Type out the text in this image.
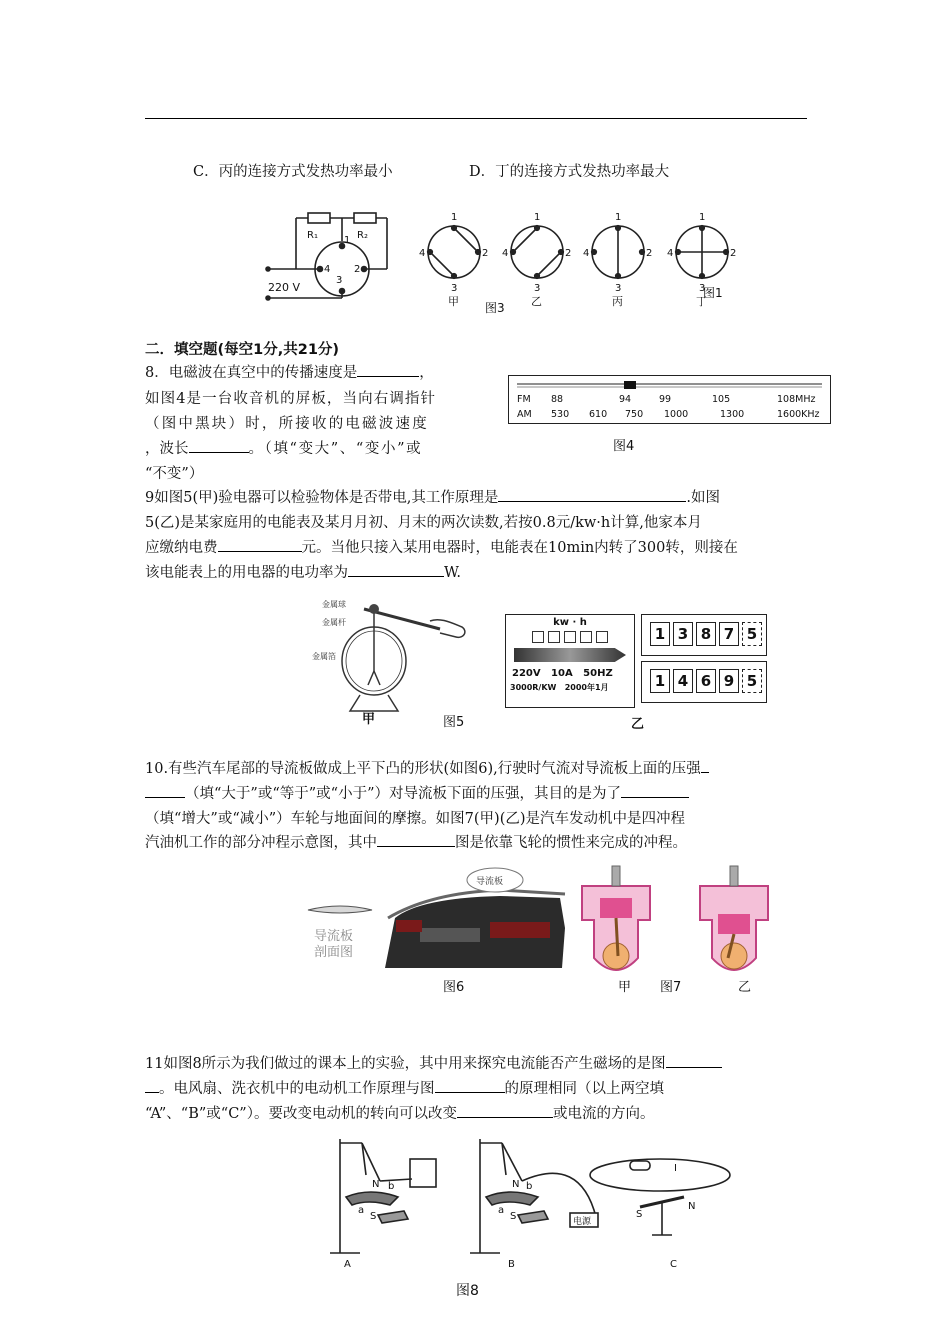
C．丙的连接方式发热功率最小	D．丁的连接方式发热功率最大
R₁	R₂
220 V
1
2
3
4
1
2
3
4
1
2
3
4
1
2
3
4
1
2
3
4
甲	乙	丙	丁
图3
图1
二．填空题(每空1分,共21分)
8．电磁波在真空中的传播速度是	，
如图4是一台收音机的屏板，当向右调指针
（图中黑块）时，所接收的电磁波速度
，波长	。（填“变大”、“变小”或
“不变”）
FM 88	94	99	105	108MHz
AM 530 610 750 1000	1300	1600KHz
图4
9如图5(甲)验电器可以检验物体是否带电,其工作原理是	.如图
5(乙)是某家庭用的电能表及某月月初、月末的两次读数,若按0.8元/kw·h计算,他家本月
应缴纳电费	元。当他只接入某用电器时，电能表在10min内转了300转，则接在
该电能表上的用电器的电功率为	W.
金属球
金属杆
金属箔
甲	图5
kw · h
220V   10A   50HZ
3000R/KW   2000年1月
1 3 8 7 5
1 4 6 9 5
乙
10.有些汽车尾部的导流板做成上平下凸的形状(如图6),行驶时气流对导流板上面的压强
（填“大于”或“等于”或“小于”）对导流板下面的压强，其目的是为了
（填“增大”或“减小”）车轮与地面间的摩擦。如图7(甲)(乙)是汽车发动机中是四冲程
汽油机工作的部分冲程示意图，其中	图是依靠飞轮的惯性来完成的冲程。
导流板
剖面图
导流板
图6	甲 图7	乙
11如图8所示为我们做过的课本上的实验，其中用来探究电流能否产生磁场的是图
。电风扇、洗衣机中的电动机工作原理与图	的原理相同（以上两空填
“A”、“B”或“C”）。要改变电动机的转向可以改变	或电流的方向。
N b
a
S
N b
a
S	电源
I
S
N
A	B	C
图8
